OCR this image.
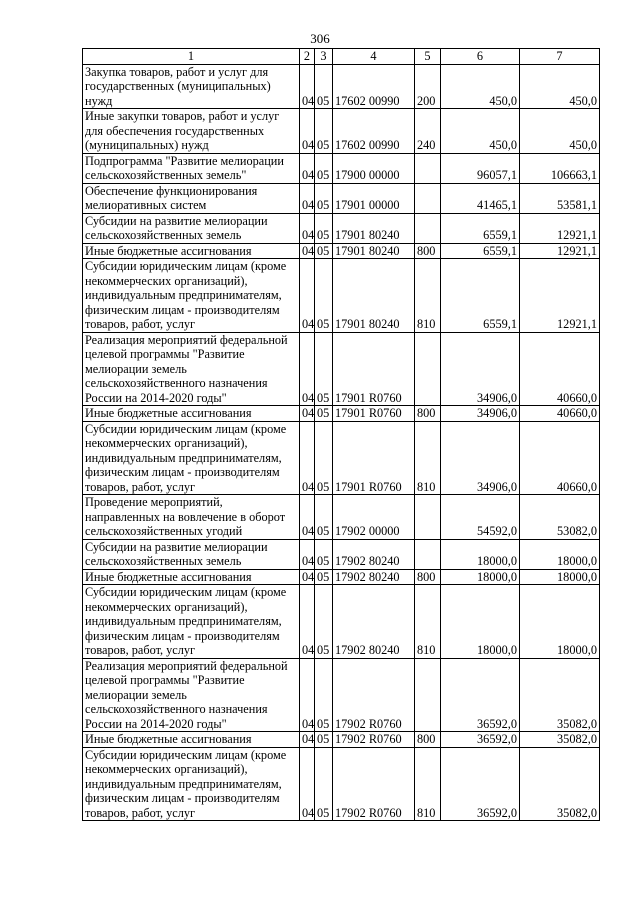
306
1	2	3	4	5	6	7
Закупка товаров, работ и услуг для государственных (муниципальных) нужд	04	05	17602 00990	200	450,0	450,0
Иные закупки товаров, работ и услуг для обеспечения государственных (муниципальных) нужд	04	05	17602 00990	240	450,0	450,0
Подпрограмма "Развитие мелиорации сельскохозяйственных земель"	04	05	17900 00000		96057,1	106663,1
Обеспечение функционирования мелиоративных систем	04	05	17901 00000		41465,1	53581,1
Субсидии на развитие мелиорации сельскохозяйственных земель	04	05	17901 80240		6559,1	12921,1
Иные бюджетные ассигнования	04	05	17901 80240	800	6559,1	12921,1
Субсидии юридическим лицам (кроме некоммерческих организаций), индивидуальным предпринимателям, физическим лицам - производителям товаров, работ, услуг	04	05	17901 80240	810	6559,1	12921,1
Реализация мероприятий федеральной целевой программы "Развитие мелиорации земель сельскохозяйственного назначения России на 2014-2020 годы"	04	05	17901 R0760		34906,0	40660,0
Иные бюджетные ассигнования	04	05	17901 R0760	800	34906,0	40660,0
Субсидии юридическим лицам (кроме некоммерческих организаций), индивидуальным предпринимателям, физическим лицам - производителям товаров, работ, услуг	04	05	17901 R0760	810	34906,0	40660,0
Проведение мероприятий, направленных на вовлечение в оборот сельскохозяйственных угодий	04	05	17902 00000		54592,0	53082,0
Субсидии на развитие мелиорации сельскохозяйственных земель	04	05	17902 80240		18000,0	18000,0
Иные бюджетные ассигнования	04	05	17902 80240	800	18000,0	18000,0
Субсидии юридическим лицам (кроме некоммерческих организаций), индивидуальным предпринимателям, физическим лицам - производителям товаров, работ, услуг	04	05	17902 80240	810	18000,0	18000,0
Реализация мероприятий федеральной целевой программы "Развитие мелиорации земель сельскохозяйственного назначения России на 2014-2020 годы"	04	05	17902 R0760		36592,0	35082,0
Иные бюджетные ассигнования	04	05	17902 R0760	800	36592,0	35082,0
Субсидии юридическим лицам (кроме некоммерческих организаций), индивидуальным предпринимателям, физическим лицам - производителям товаров, работ, услуг	04	05	17902 R0760	810	36592,0	35082,0
